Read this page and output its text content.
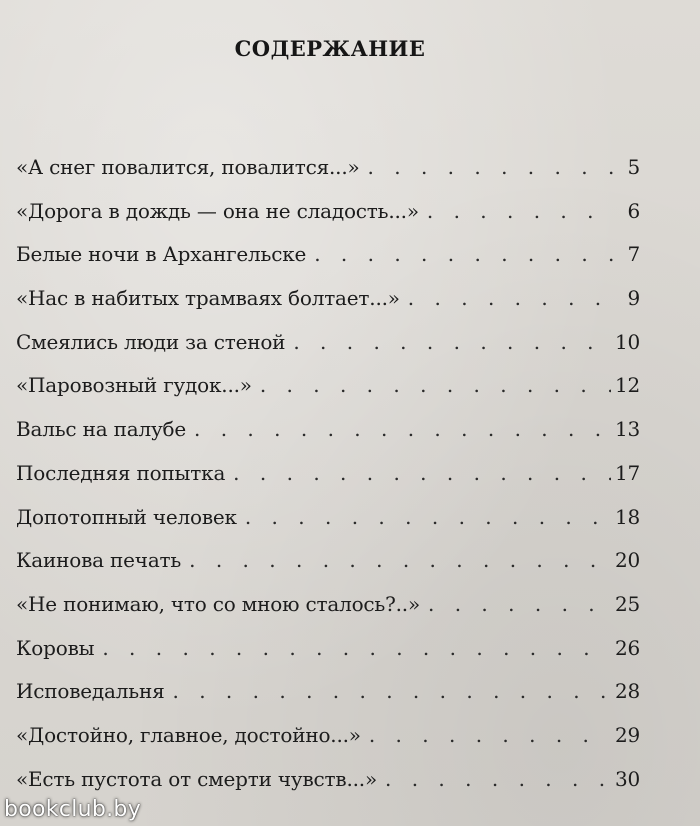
СОДЕРЖАНИЕ
«А снег повалится, повалится...» . . .	5
«Дорога в дождь — она не сладость...» . . .	6
Белые ночи в Архангельске . . .	7
«Нас в набитых трамваях болтает...» . . .	9
Смеялись люди за стеной . . .	10
«Паровозный гудок...» . . .	12
Вальс на палубе . . .	13
Последняя попытка . . .	17
Допотопный человек . . .	18
Каинова печать . . .	20
«Не понимаю, что со мною сталось?..» . . .	25
Коровы . . .	26
Исповедальня . . .	28
«Достойно, главное, достойно...» . . .	29
«Есть пустота от смерти чувств...» . . .	30
bookclub.by
